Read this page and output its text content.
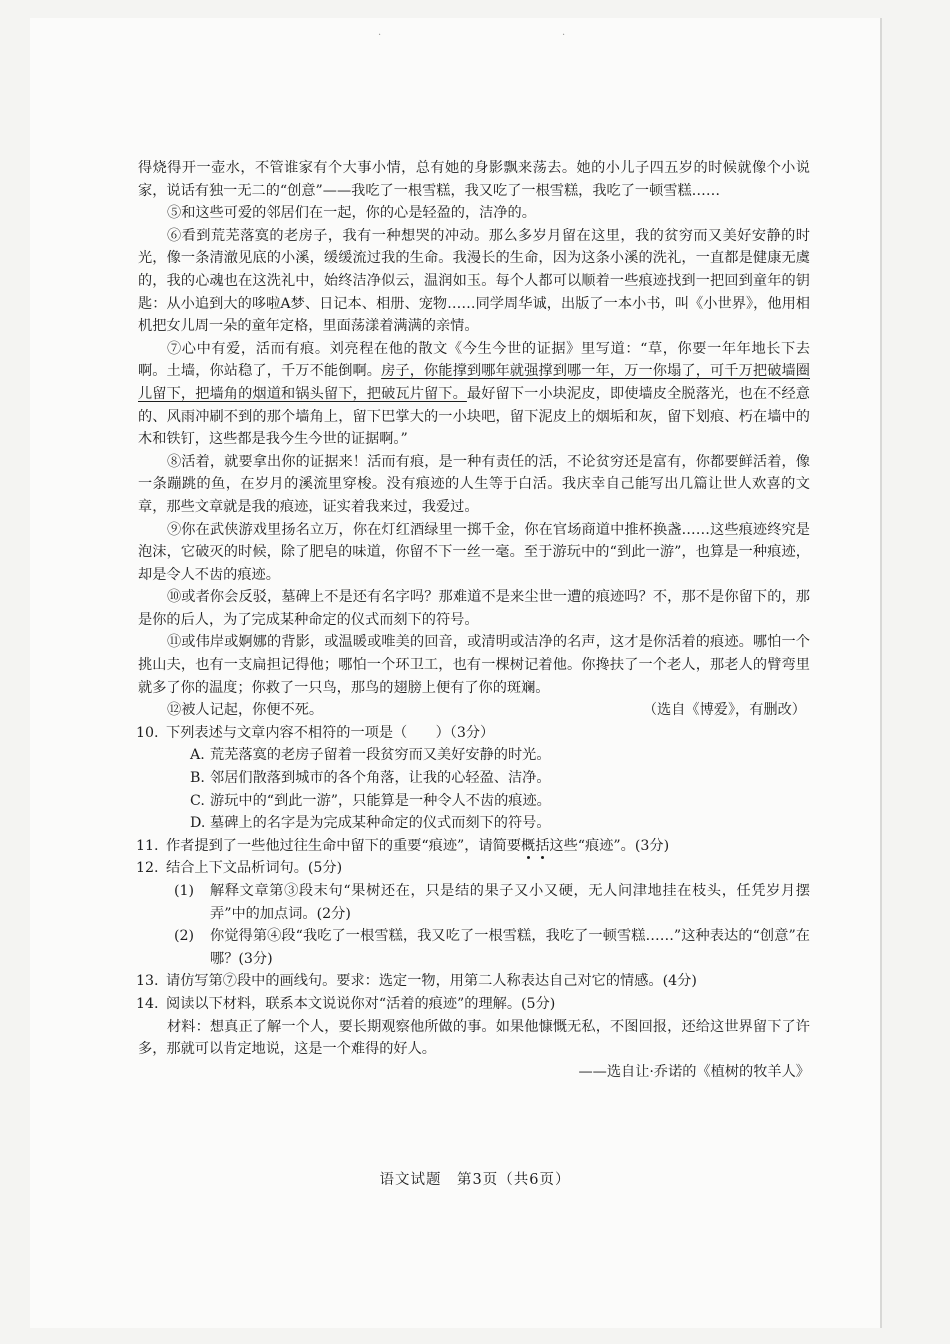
·	·

得烧得开一壶水，不管谁家有个大事小情，总有她的身影飘来荡去。她的小儿子四五岁的时候就像个小说家，说话有独一无二的“创意”——我吃了一根雪糕，我又吃了一根雪糕，我吃了一顿雪糕……

⑤和这些可爱的邻居们在一起，你的心是轻盈的，洁净的。

⑥看到荒芜落寞的老房子，我有一种想哭的冲动。那么多岁月留在这里，我的贫穷而又美好安静的时光，像一条清澈见底的小溪，缓缓流过我的生命。我漫长的生命，因为这条小溪的洗礼，一直都是健康无虞的，我的心魂也在这洗礼中，始终洁净似云，温润如玉。每个人都可以顺着一些痕迹找到一把回到童年的钥匙：从小追到大的哆啦A梦、日记本、相册、宠物……同学周华诚，出版了一本小书，叫《小世界》，他用相机把女儿周一朵的童年定格，里面荡漾着满满的亲情。

⑦心中有爱，活而有痕。刘亮程在他的散文《今生今世的证据》里写道：“草，你要一年年地长下去啊。土墙，你站稳了，千万不能倒啊。房子，你能撑到哪年就强撑到哪一年，万一你塌了，可千万把破墙圈儿留下，把墙角的烟道和锅头留下，把破瓦片留下。最好留下一小块泥皮，即使墙皮全脱落光，也在不经意的、风雨冲刷不到的那个墙角上，留下巴掌大的一小块吧，留下泥皮上的烟垢和灰，留下划痕、朽在墙中的木和铁钉，这些都是我今生今世的证据啊。”

⑧活着，就要拿出你的证据来！活而有痕，是一种有责任的活，不论贫穷还是富有，你都要鲜活着，像一条蹦跳的鱼，在岁月的溪流里穿梭。没有痕迹的人生等于白活。我庆幸自己能写出几篇让世人欢喜的文章，那些文章就是我的痕迹，证实着我来过，我爱过。

⑨你在武侠游戏里扬名立万，你在灯红酒绿里一掷千金，你在官场商道中推杯换盏……这些痕迹终究是泡沫，它破灭的时候，除了肥皂的味道，你留不下一丝一毫。至于游玩中的“到此一游”，也算是一种痕迹，却是令人不齿的痕迹。

⑩或者你会反驳，墓碑上不是还有名字吗？那难道不是来尘世一遭的痕迹吗？不，那不是你留下的，那是你的后人，为了完成某种命定的仪式而刻下的符号。

⑪或伟岸或婀娜的背影，或温暖或唯美的回音，或清明或洁净的名声，这才是你活着的痕迹。哪怕一个挑山夫，也有一支扁担记得他；哪怕一个环卫工，也有一棵树记着他。你搀扶了一个老人，那老人的臂弯里就多了你的温度；你救了一只鸟，那鸟的翅膀上便有了你的斑斓。

⑫被人记起，你便不死。	（选自《博爱》，有删改）

10. 下列表述与文章内容不相符的一项是（　　）（3分）

A. 荒芜落寞的老房子留着一段贫穷而又美好安静的时光。

B. 邻居们散落到城市的各个角落，让我的心轻盈、洁净。

C. 游玩中的“到此一游”，只能算是一种令人不齿的痕迹。

D. 墓碑上的名字是为完成某种命定的仪式而刻下的符号。

11. 作者提到了一些他过往生命中留下的重要“痕迹”，请简要概括这些“痕迹”。(3分)

12. 结合上下文品析词句。(5分)

(1) 解释文章第③段末句“果树还在，只是结的果子又小又硬，无人问津地挂在枝头，任凭岁月摆弄”中的加点词。(2分)

(2) 你觉得第④段“我吃了一根雪糕，我又吃了一根雪糕，我吃了一顿雪糕……”这种表达的“创意”在哪？(3分)

13. 请仿写第⑦段中的画线句。要求：选定一物，用第二人称表达自己对它的情感。(4分)

14. 阅读以下材料，联系本文说说你对“活着的痕迹”的理解。(5分)

材料：想真正了解一个人，要长期观察他所做的事。如果他慷慨无私，不图回报，还给这世界留下了许多，那就可以肯定地说，这是一个难得的好人。

——选自让·乔诺的《植树的牧羊人》

语文试题　第3页（共6页）
